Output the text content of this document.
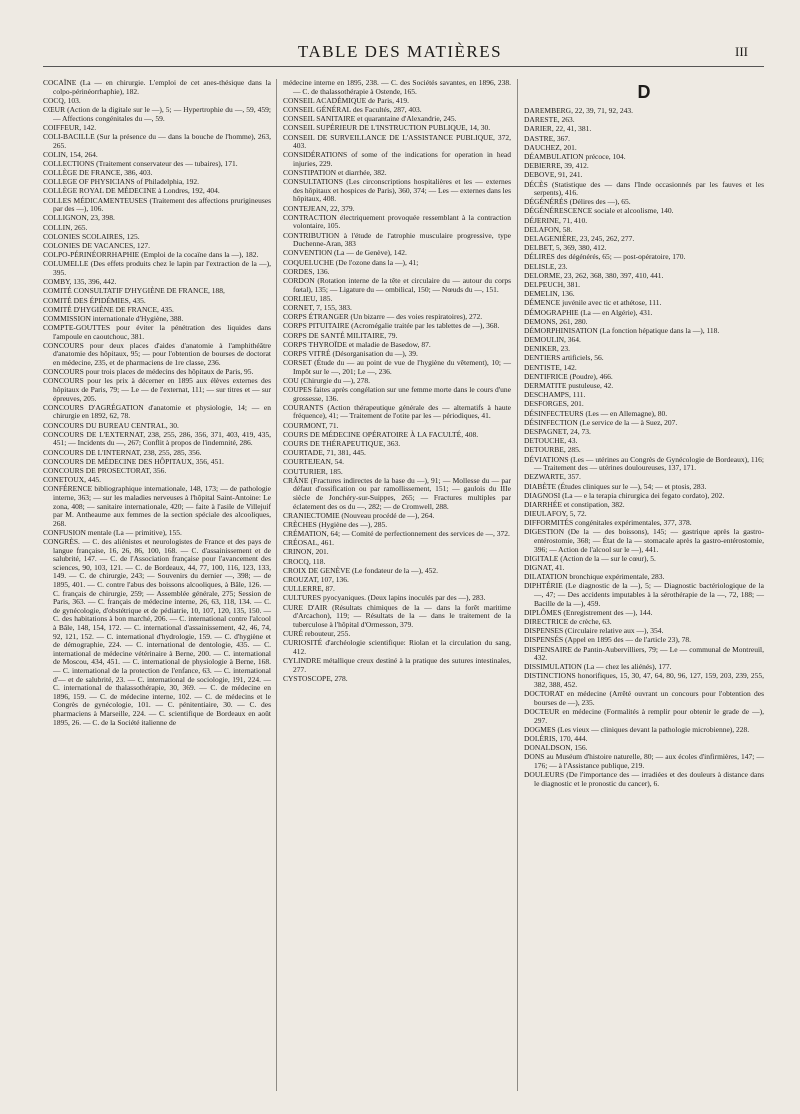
TABLE DES MATIÈRES	III

COCAÏNE (La — en chirurgie. L'emploi de cet anes-thésique dans la colpo-périnéorrhaphie), 182.

COCQ, 103.

CŒUR (Action de la digitale sur le —), 5; — Hypertrophie du —, 59, 459; — Affections congénitales du —, 59.

COIFFEUR, 142.

COLI-BACILLE (Sur la présence du — dans la bouche de l'homme), 263, 265.

COLIN, 154, 264.

COLLECTIONS (Traitement conservateur des — tubaires), 171.

COLLÈGE DE FRANCE, 386, 403.

COLLEGE OF PHYSICIANS of Philadelphia, 192.

COLLÈGE ROYAL DE MÉDECINE à Londres, 192, 404.

COLLES MÉDICAMENTEUSES (Traitement des affections prurigineuses par des —), 106.

COLLIGNON, 23, 398.

COLLIN, 265.

COLONIES SCOLAIRES, 125.

COLONIES DE VACANCES, 127.

COLPO-PÉRINÉORRHAPHIE (Emploi de la cocaïne dans la —), 182.

COLUMELLE (Des effets produits chez le lapin par l'extraction de la —), 395.

COMBY, 135, 396, 442.

COMITÉ CONSULTATIF D'HYGIÈNE DE FRANCE, 188,

COMITÉ DES ÉPIDÉMIES, 435.

COMITÉ D'HYGIÈNE DE FRANCE, 435.

COMMISSION internationale d'Hygiène, 388.

COMPTE-GOUTTES pour éviter la pénétration des liquides dans l'ampoule en caoutchouc, 381.

CONCOURS pour deux places d'aides d'anatomie à l'amphithéâtre d'anatomie des hôpitaux, 95; — pour l'obtention de bourses de doctorat en médecine, 235, et de pharmaciens de 1re classe, 236.

CONCOURS pour trois places de médecins des hôpitaux de Paris, 95.

CONCOURS pour les prix à décerner en 1895 aux élèves externes des hôpitaux de Paris, 79; — Le — de l'externat, 111; — sur titres et — sur épreuves, 205.

CONCOURS D'AGRÉGATION d'anatomie et physiologie, 14; — en chirurgie en 1892, 62, 78.

CONCOURS DU BUREAU CENTRAL, 30.

CONCOURS DE L'EXTERNAT, 238, 255, 286, 356, 371, 403, 419, 435, 451; — Incidents du —, 267; Conflit à propos de l'indemnité, 286.

CONCOURS DE L'INTERNAT, 238, 255, 285, 356.

CONCOURS DE MÉDECINE DES HÔPITAUX, 356, 451.

CONCOURS DE PROSECTORAT, 356.

CONETOUX, 445.

CONFÉRENCE bibliographique internationale, 148, 173; — de pathologie interne, 363; — sur les maladies nerveuses à l'hôpital Saint-Antoine: Le zona, 408; — sanitaire internationale, 420; — faite à l'asile de Villejuif par M. Antheaume aux femmes de la section spéciale des alcooliques, 268.

CONFUSION mentale (La — primitive), 155.

CONGRÈS. — C. des aliénistes et neurologistes de France et des pays de langue française, 16, 26, 86, 100, 168. — C. d'assainissement et de salubrité, 147. — C. de l'Association française pour l'avancement des sciences, 90, 103, 121. — C. de Bordeaux, 44, 77, 100, 116, 123, 133, 149. — C. de chirurgie, 243; — Souvenirs du dernier —, 398; — de 1895, 401. — C. contre l'abus des boissons alcooliques, à Bâle, 126. — C. français de chirurgie, 259; — Assemblée générale, 275; Session de Paris, 363. — C. français de médecine interne, 26, 63, 118, 134. — C. de gynécologie, d'obstétrique et de pédiatrie, 10, 107, 120, 135, 150. — C. des habitations à bon marché, 206. — C. international contre l'alcool à Bâle, 148, 154, 172. — C. international d'assainissement, 42, 46, 74, 92, 121, 152. — C. international d'hydrologie, 159. — C. d'hygiène et de démographie, 224. — C. international de dentologie, 435. — C. international de médecine vétérinaire à Berne, 200. — C. international de Moscou, 434, 451. — C. international de physiologie à Berne, 168. — C. international de la protection de l'enfance, 63. — C. international d'— et de salubrité, 23. — C. international de sociologie, 191, 224. — C. international de thalassothérapie, 30, 369. — C. de médecine en 1896, 159. — C. de médecine interne, 102. — C. de médecins et le Congrès de gynécologie, 101. — C. pénitentiaire, 30. — C. des pharmaciens à Marseille, 224. — C. scientifique de Bordeaux en août 1895, 26. — C. de la Société italienne de

médecine interne en 1895, 238. — C. des Sociétés savantes, en 1896, 238. — C. de thalassothérapie à Ostende, 165.

CONSEIL ACADÉMIQUE de Paris, 419.

CONSEIL GÉNÉRAL des Facultés, 287, 403.

CONSEIL SANITAIRE et quarantaine d'Alexandrie, 245.

CONSEIL SUPÉRIEUR DE L'INSTRUCTION PUBLIQUE, 14, 30.

CONSEIL DE SURVEILLANCE DE L'ASSISTANCE PUBLIQUE, 372, 403.

CONSIDÉRATIONS of some of the indications for operation in head injuries, 229.

CONSTIPATION et diarrhée, 382.

CONSULTATIONS (Les circonscriptions hospitalières et les — externes des hôpitaux et hospices de Paris), 360, 374; — Les — externes dans les hôpitaux, 408.

CONTEJEAN, 22, 379.

CONTRACTION électriquement provoquée ressemblant à la contraction volontaire, 105.

CONTRIBUTION à l'étude de l'atrophie musculaire progressive, type Duchenne-Aran, 383

CONVENTION (La — de Genève), 142.

COQUELUCHE (De l'ozone dans la —), 41;

CORDES, 136.

CORDON (Rotation interne de la tête et circulaire du — autour du corps fœtal), 135; — Ligature du — ombilical, 150; — Nœuds du —, 151.

CORLIEU, 185.

CORNET, 7, 155, 383.

CORPS ÉTRANGER (Un bizarre — des voies respiratoires), 272.

CORPS PITUITAIRE (Acromégalie traitée par les tablettes de —), 368.

CORPS DE SANTÉ MILITAIRE, 79.

CORPS THYROÏDE et maladie de Basedow, 87.

CORPS VITRÉ (Désorganisation du —), 39.

CORSET (Étude du — au point de vue de l'hygiène du vêtement), 10; — Impôt sur le —, 201; Le —, 236.

COU (Chirurgie du —), 278.

COUPES faites après congélation sur une femme morte dans le cours d'une grossesse, 136.

COURANTS (Action thérapeutique générale des — alternatifs à haute fréquence), 41; — Traitement de l'otite par les — périodiques, 41.

COURMONT, 71.

COURS DE MÉDECINE OPÉRATOIRE À LA FACULTÉ, 408.

COURS DE THÉRAPEUTIQUE, 363.

COURTADE, 71, 381, 445.

COURTEJEAN, 54.

COUTURIER, 185.

CRÂNE (Fractures indirectes de la base du —), 91; — Mollesse du — par défaut d'ossification ou par ramollissement, 151; — gaulois du IIIe siècle de Jonchéry-sur-Suippes, 265; — Fractures multiples par éclatement des os du —, 282; — de Cromwell, 288.

CRANIECTOMIE (Nouveau procédé de —), 264.

CRÈCHES (Hygiène des —), 285.

CRÉMATION, 64; — Comité de perfectionnement des services de —, 372.

CRÉOSAL, 461.

CRINON, 201.

CROCQ, 118.

CROIX DE GENÈVE (Le fondateur de la —), 452.

CROUZAT, 107, 136.

CULLERRE, 87.

CULTURES pyocyaniques. (Deux lapins inoculés par des —), 283.

CURE D'AIR (Résultats chimiques de la — dans la forêt maritime d'Arcachon), 119; — Résultats de la — dans le traitement de la tuberculose à l'hôpital d'Ormesson, 379.

CURÉ rebouteur, 255.

CURIOSITÉ d'archéologie scientifique: Riolan et la circulation du sang, 412.

CYLINDRE métallique creux destiné à la pratique des sutures intestinales, 277.

CYSTOSCOPE, 278.

D

DAREMBERG, 22, 39, 71, 92, 243.

DARESTE, 263.

DARIER, 22, 41, 381.

DASTRE, 367.

DAUCHEZ, 201.

DÉAMBULATION précoce, 104.

DEBIERRE, 39, 412.

DEBOVE, 91, 241.

DÉCÈS (Statistique des — dans l'Inde occasionnés par les fauves et les serpents), 416.

DÉGÉNÉRÉS (Délires des —), 65.

DÉGÉNÉRESCENCE sociale et alcoolisme, 140.

DÉJERINE, 71, 410.

DELAFON, 58.

DELAGENIÈRE, 23, 245, 262, 277.

DELBET, 5, 369, 380, 412.

DÉLIRES des dégénérés, 65; — post-opératoire, 170.

DELISLE, 23.

DELORME, 23, 262, 368, 380, 397, 410, 441.

DELPEUCH, 381.

DEMELIN, 136.

DÉMENCE juvénile avec tic et athétose, 111.

DÉMOGRAPHIE (La — en Algérie), 431.

DEMONS, 261, 280.

DÉMORPHINISATION (La fonction hépatique dans la —), 118.

DEMOULIN, 364.

DENIKER, 23.

DENTIERS artificiels, 56.

DENTISTE, 142.

DENTIFRICE (Poudre), 466.

DERMATITE pustuleuse, 42.

DESCHAMPS, 111.

DESFORGES, 201.

DÉSINFECTEURS (Les — en Allemagne), 80.

DÉSINFECTION (Le service de la — à Suez, 207.

DESPAGNET, 24, 73.

DETOUCHE, 43.

DETOURBE, 285.

DÉVIATIONS (Les — utérines au Congrès de Gynécologie de Bordeaux), 116; — Traitement des — utérines douloureuses, 137, 171.

DEZWARTE, 357.

DIABÈTE (Études cliniques sur le —), 54; — et ptosis, 283.

DIAGNOSI (La — e la terapia chirurgica dei fegato cordato), 202.

DIARRHÉE et constipation, 382.

DIEULAFOY, 5, 72.

DIFFORMITÉS congénitales expérimentales, 377, 378.

DIGESTION (De la — des boissons), 145; — gastrique après la gastro-entérostomie, 368; — État de la — stomacale après la gastro-entérostomie, 396; — Action de l'alcool sur le —), 441.

DIGITALE (Action de la — sur le cœur), 5.

DIGNAT, 41.

DILATATION bronchique expérimentale, 283.

DIPHTÉRIE (Le diagnostic de la —), 5; — Diagnostic bactériologique de la —, 47; — Des accidents imputables à la sérothérapie de la —, 72, 188; — Bacille de la —), 459.

DIPLÔMES (Enregistrement des —), 144.

DIRECTRICE de crèche, 63.

DISPENSES (Circulaire relative aux —), 354.

DISPENSÉS (Appel en 1895 des — de l'article 23), 78.

DISPENSAIRE de Pantin-Aubervilliers, 79; — Le — communal de Montreuil, 432.

DISSIMULATION (La — chez les aliénés), 177.

DISTINCTIONS honorifiques, 15, 30, 47, 64, 80, 96, 127, 159, 203, 239, 255, 382, 388, 452.

DOCTORAT en médecine (Arrêté ouvrant un concours pour l'obtention des bourses de —), 235.

DOCTEUR en médecine (Formalités à remplir pour obtenir le grade de —), 297.

DOGMES (Les vieux — cliniques devant la pathologie microbienne), 228.

DOLÉRIS, 170, 444.

DONALDSON, 156.

DONS au Muséum d'histoire naturelle, 80; — aux écoles d'infirmières, 147; — 176; — à l'Assistance publique, 219.

DOULEURS (De l'importance des — irradiées et des douleurs à distance dans le diagnostic et le pronostic du cancer), 6.
